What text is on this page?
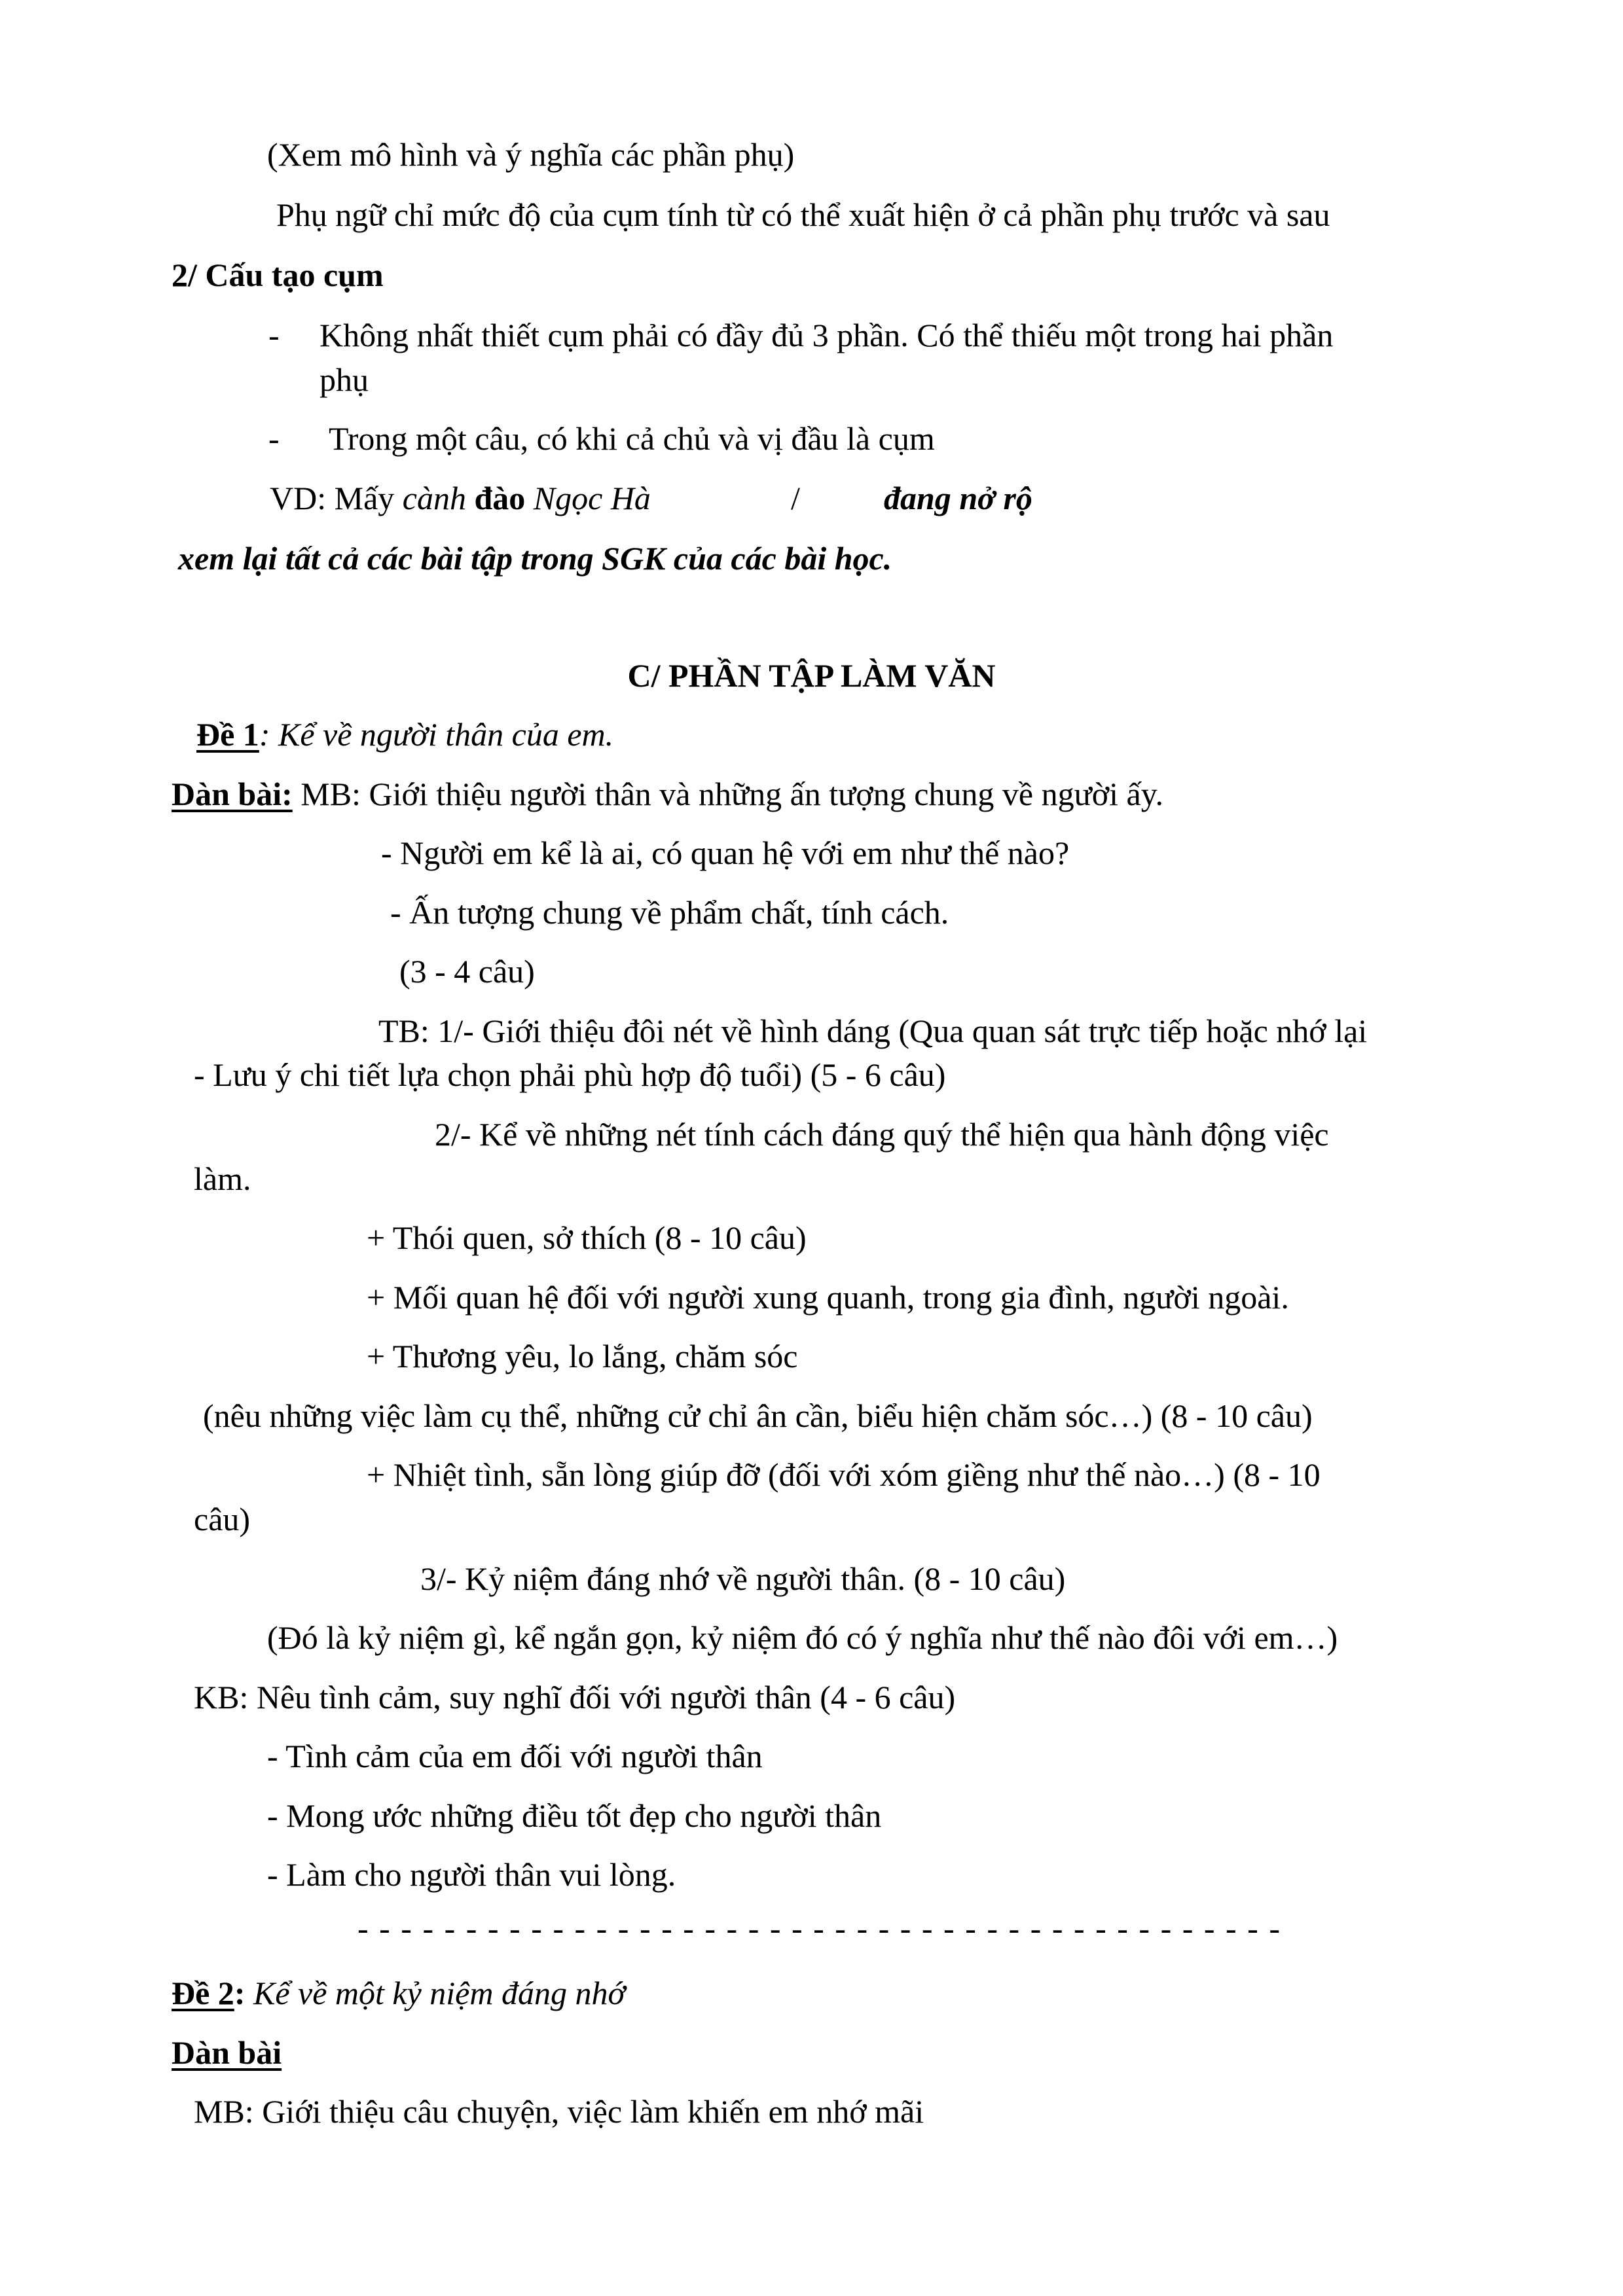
(Xem mô hình và ý nghĩa các phần phụ)
Phụ ngữ chỉ mức độ của cụm tính từ có thể xuất hiện ở cả phần phụ trước và sau
2/ Cấu tạo cụm
- Không nhất thiết cụm phải có đầy đủ 3 phần. Có thể thiếu một trong hai phần
phụ
- Trong một câu, có khi cả chủ và vị đầu là cụm
VD: Mấy cành đào Ngọc Hà	/	đang nở rộ
xem lại tất cả các bài tập trong SGK của các bài học.
C/ PHẦN TẬP LÀM VĂN
Đề 1: Kể về người thân của em.
Dàn bài: MB: Giới thiệu người thân và những ấn tượng chung về người ấy.
- Người em kể là ai, có quan hệ với em như thế nào?
- Ấn tượng chung về phẩm chất, tính cách.
(3 - 4 câu)
TB: 1/- Giới thiệu đôi nét về hình dáng (Qua quan sát trực tiếp hoặc nhớ lại
- Lưu ý chi tiết lựa chọn phải phù hợp độ tuổi) (5 - 6 câu)
2/- Kể về những nét tính cách đáng quý thể hiện qua hành động việc
làm.
+ Thói quen, sở thích (8 - 10 câu)
+ Mối quan hệ đối với người xung quanh, trong gia đình, người ngoài.
+ Thương yêu, lo lắng, chăm sóc
(nêu những việc làm cụ thể, những cử chỉ ân cần, biểu hiện chăm sóc…) (8 - 10 câu)
+ Nhiệt tình, sẵn lòng giúp đỡ (đối với xóm giềng như thế nào…) (8 - 10
câu)
3/- Kỷ niệm đáng nhớ về người thân. (8 - 10 câu)
(Đó là kỷ niệm gì, kể ngắn gọn, kỷ niệm đó có ý nghĩa như thế nào đôi với em…)
KB: Nêu tình cảm, suy nghĩ đối với người thân (4 - 6 câu)
- Tình cảm của em đối với người thân
- Mong ước những điều tốt đẹp cho người thân
- Làm cho người thân vui lòng.
- - - - - - - - - - - - - - - - - - - - - - - - - - - - - - - - - - - - - - - - - - -
Đề 2: Kể về một kỷ niệm đáng nhớ
Dàn bài
MB: Giới thiệu câu chuyện, việc làm khiến em nhớ mãi
